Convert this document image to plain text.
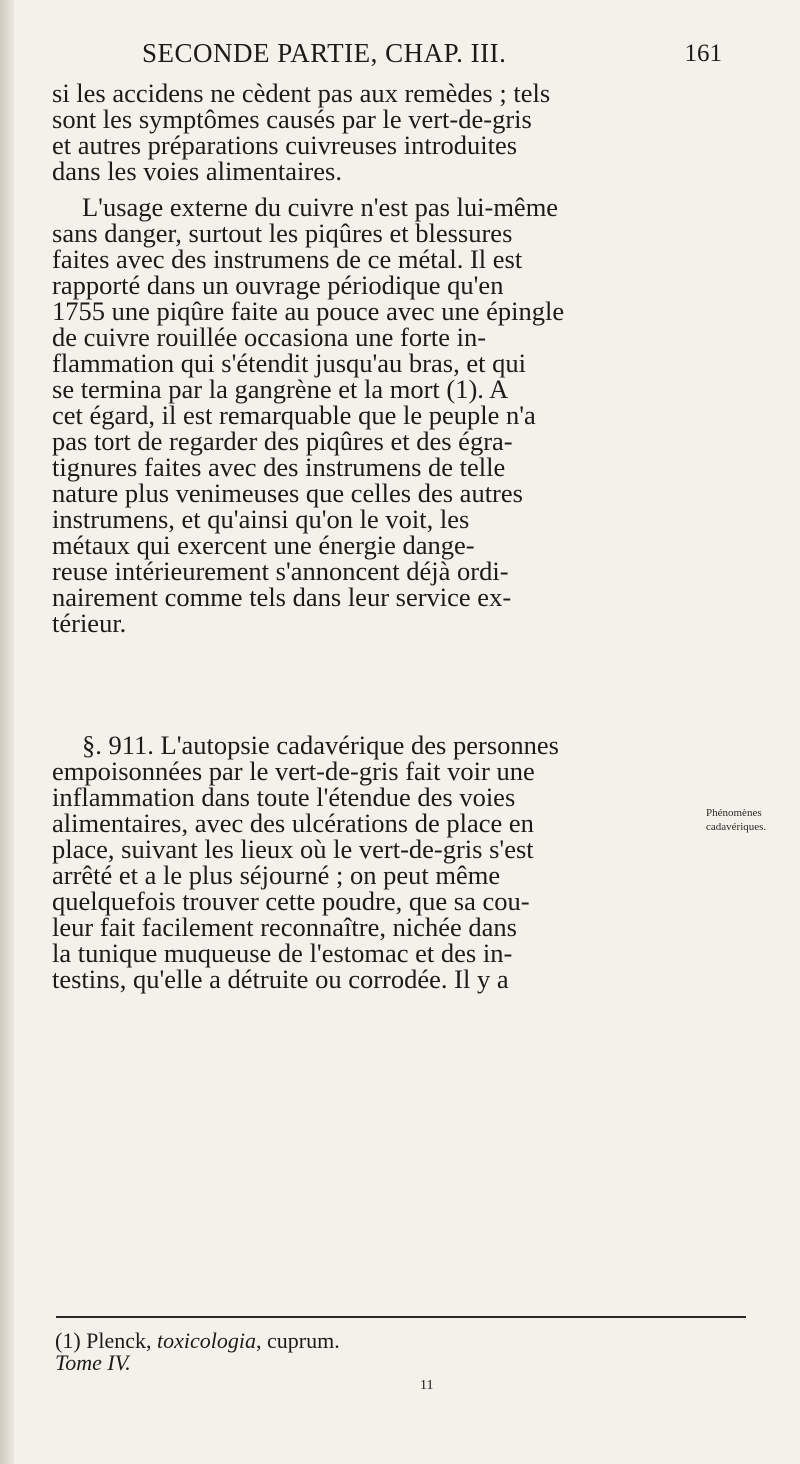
SECONDE PARTIE, CHAP. III.	161

si les accidens ne cèdent pas aux remèdes ; tels
sont les symptômes causés par le vert-de-gris
et autres préparations cuivreuses introduites
dans les voies alimentaires.

L'usage externe du cuivre n'est pas lui-même
sans danger, surtout les piqûres et blessures
faites avec des instrumens de ce métal. Il est
rapporté dans un ouvrage périodique qu'en
1755 une piqûre faite au pouce avec une épingle
de cuivre rouillée occasiona une forte in-
flammation qui s'étendit jusqu'au bras, et qui
se termina par la gangrène et la mort (1). A
cet égard, il est remarquable que le peuple n'a
pas tort de regarder des piqûres et des égra-
tignures faites avec des instrumens de telle
nature plus venimeuses que celles des autres
instrumens, et qu'ainsi qu'on le voit, les
métaux qui exercent une énergie dange-
reuse intérieurement s'annoncent déjà ordi-
nairement comme tels dans leur service ex-
térieur.

§. 911. L'autopsie cadavérique des personnes
empoisonnées par le vert-de-gris fait voir une
inflammation dans toute l'étendue des voies
alimentaires, avec des ulcérations de place en
place, suivant les lieux où le vert-de-gris s'est
arrêté et a le plus séjourné ; on peut même
quelquefois trouver cette poudre, que sa cou-
leur fait facilement reconnaître, nichée dans
la tunique muqueuse de l'estomac et des in-
testins, qu'elle a détruite ou corrodée. Il y a

Phénomènes
cadavériques.
(1) Plenck, toxicologia, cuprum.
Tome IV.
11
